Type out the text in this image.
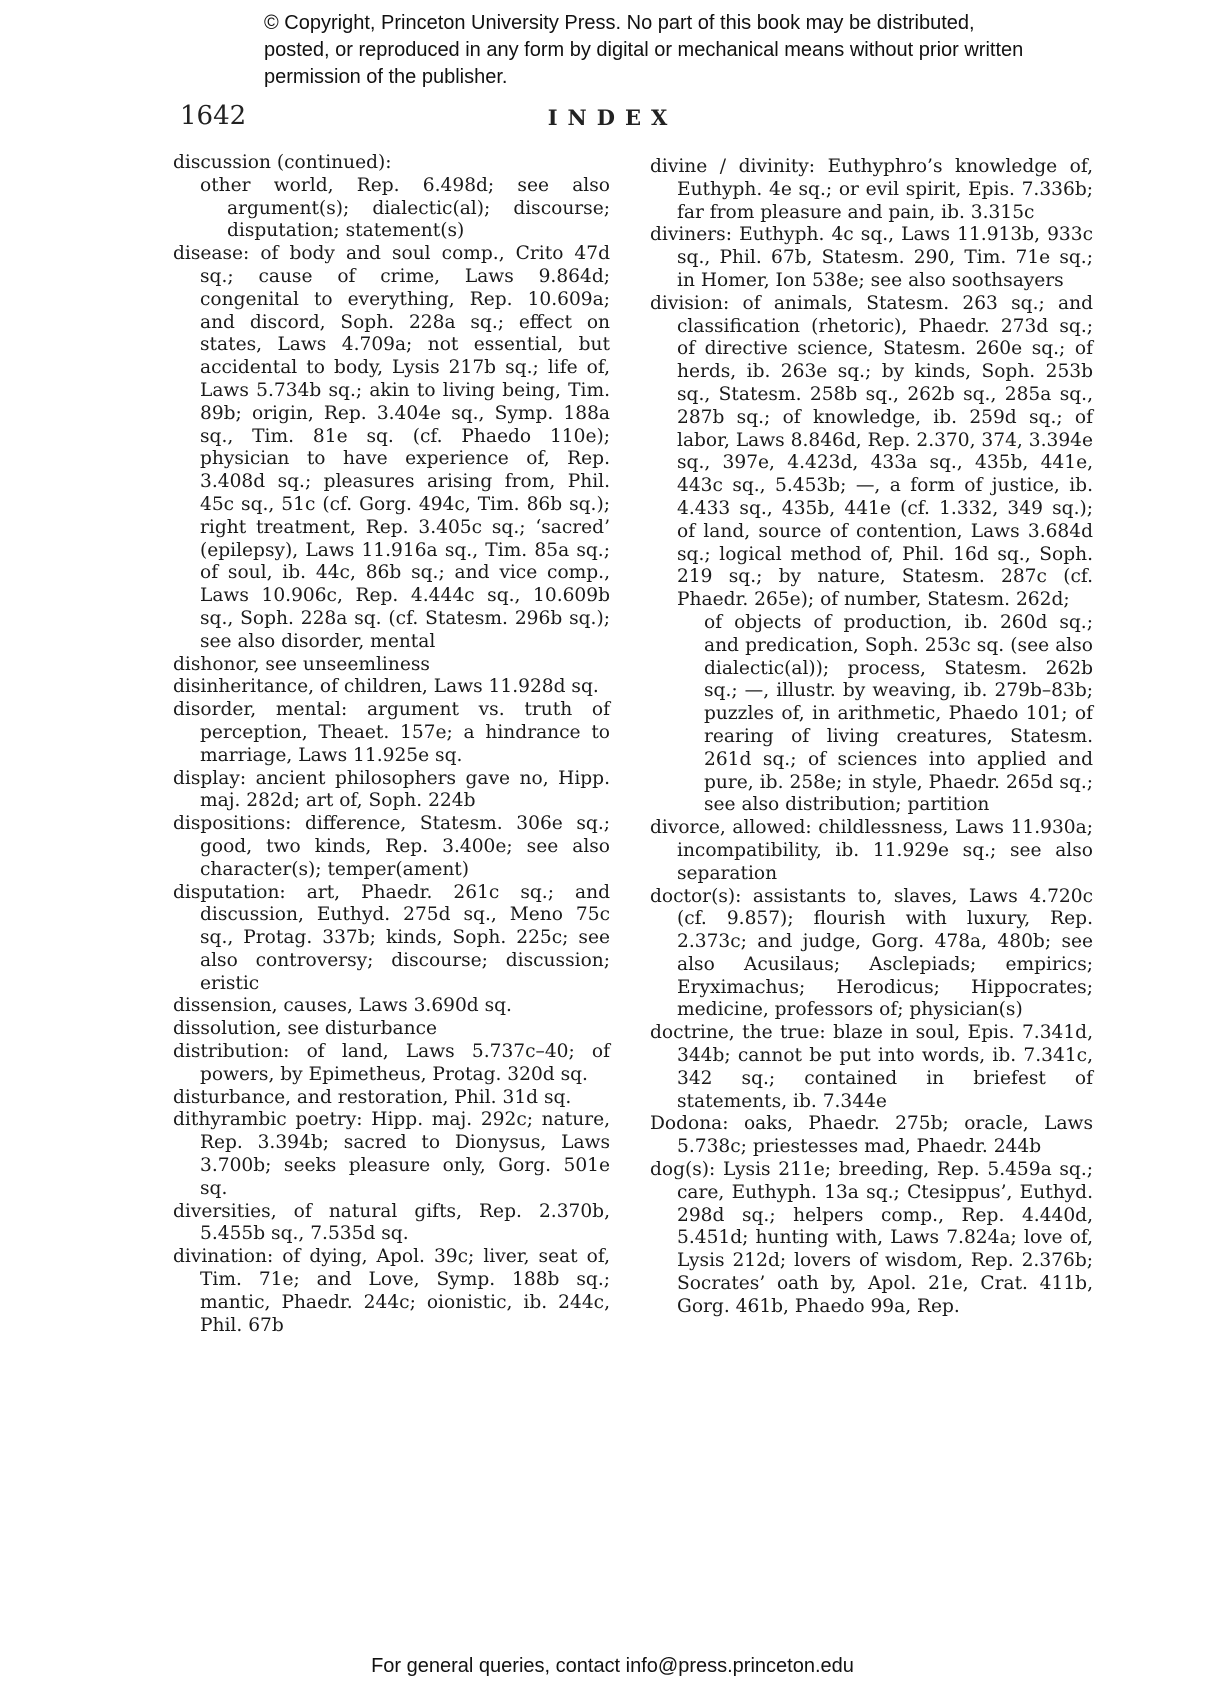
© Copyright, Princeton University Press. No part of this book may be distributed, posted, or reproduced in any form by digital or mechanical means without prior written permission of the publisher.
1642	INDEX
discussion (continued):
other world, Rep. 6.498d; see also argument(s); dialectic(al); discourse; disputation; statement(s)
disease: of body and soul comp., Crito 47d sq.; cause of crime, Laws 9.864d; congenital to everything, Rep. 10.609a; and discord, Soph. 228a sq.; effect on states, Laws 4.709a; not essential, but accidental to body, Lysis 217b sq.; life of, Laws 5.734b sq.; akin to living being, Tim. 89b; origin, Rep. 3.404e sq., Symp. 188a sq., Tim. 81e sq. (cf. Phaedo 110e); physician to have experience of, Rep. 3.408d sq.; pleasures arising from, Phil. 45c sq., 51c (cf. Gorg. 494c, Tim. 86b sq.); right treatment, Rep. 3.405c sq.; ‘sacred’ (epilepsy), Laws 11.916a sq., Tim. 85a sq.; of soul, ib. 44c, 86b sq.; and vice comp., Laws 10.906c, Rep. 4.444c sq., 10.609b sq., Soph. 228a sq. (cf. Statesm. 296b sq.); see also disorder, mental
dishonor, see unseemliness
disinheritance, of children, Laws 11.928d sq.
disorder, mental: argument vs. truth of perception, Theaet. 157e; a hindrance to marriage, Laws 11.925e sq.
display: ancient philosophers gave no, Hipp. maj. 282d; art of, Soph. 224b
dispositions: difference, Statesm. 306e sq.; good, two kinds, Rep. 3.400e; see also character(s); temper(ament)
disputation: art, Phaedr. 261c sq.; and discussion, Euthyd. 275d sq., Meno 75c sq., Protag. 337b; kinds, Soph. 225c; see also controversy; discourse; discussion; eristic
dissension, causes, Laws 3.690d sq.
dissolution, see disturbance
distribution: of land, Laws 5.737c–40; of powers, by Epimetheus, Protag. 320d sq.
disturbance, and restoration, Phil. 31d sq.
dithyrambic poetry: Hipp. maj. 292c; nature, Rep. 3.394b; sacred to Dionysus, Laws 3.700b; seeks pleasure only, Gorg. 501e sq.
diversities, of natural gifts, Rep. 2.370b, 5.455b sq., 7.535d sq.
divination: of dying, Apol. 39c; liver, seat of, Tim. 71e; and Love, Symp. 188b sq.; mantic, Phaedr. 244c; oionistic, ib. 244c, Phil. 67b
divine / divinity: Euthyphro’s knowledge of, Euthyph. 4e sq.; or evil spirit, Epis. 7.336b; far from pleasure and pain, ib. 3.315c
diviners: Euthyph. 4c sq., Laws 11.913b, 933c sq., Phil. 67b, Statesm. 290, Tim. 71e sq.; in Homer, Ion 538e; see also soothsayers
division: of animals, Statesm. 263 sq.; and classification (rhetoric), Phaedr. 273d sq.; of directive science, Statesm. 260e sq.; of herds, ib. 263e sq.; by kinds, Soph. 253b sq., Statesm. 258b sq., 262b sq., 285a sq., 287b sq.; of knowledge, ib. 259d sq.; of labor, Laws 8.846d, Rep. 2.370, 374, 3.394e sq., 397e, 4.423d, 433a sq., 435b, 441e, 443c sq., 5.453b; —, a form of justice, ib. 4.433 sq., 435b, 441e (cf. 1.332, 349 sq.); of land, source of contention, Laws 3.684d sq.; logical method of, Phil. 16d sq., Soph. 219 sq.; by nature, Statesm. 287c (cf. Phaedr. 265e); of number, Statesm. 262d;
of objects of production, ib. 260d sq.; and predication, Soph. 253c sq. (see also dialectic(al)); process, Statesm. 262b sq.; —, illustr. by weaving, ib. 279b–83b; puzzles of, in arithmetic, Phaedo 101; of rearing of living creatures, Statesm. 261d sq.; of sciences into applied and pure, ib. 258e; in style, Phaedr. 265d sq.; see also distribution; partition
divorce, allowed: childlessness, Laws 11.930a; incompatibility, ib. 11.929e sq.; see also separation
doctor(s): assistants to, slaves, Laws 4.720c (cf. 9.857); flourish with luxury, Rep. 2.373c; and judge, Gorg. 478a, 480b; see also Acusilaus; Asclepiads; empirics; Eryximachus; Herodicus; Hippocrates; medicine, professors of; physician(s)
doctrine, the true: blaze in soul, Epis. 7.341d, 344b; cannot be put into words, ib. 7.341c, 342 sq.; contained in briefest of statements, ib. 7.344e
Dodona: oaks, Phaedr. 275b; oracle, Laws 5.738c; priestesses mad, Phaedr. 244b
dog(s): Lysis 211e; breeding, Rep. 5.459a sq.; care, Euthyph. 13a sq.; Ctesippus’, Euthyd. 298d sq.; helpers comp., Rep. 4.440d, 5.451d; hunting with, Laws 7.824a; love of, Lysis 212d; lovers of wisdom, Rep. 2.376b; Socrates’ oath by, Apol. 21e, Crat. 411b, Gorg. 461b, Phaedo 99a, Rep.
For general queries, contact info@press.princeton.edu
